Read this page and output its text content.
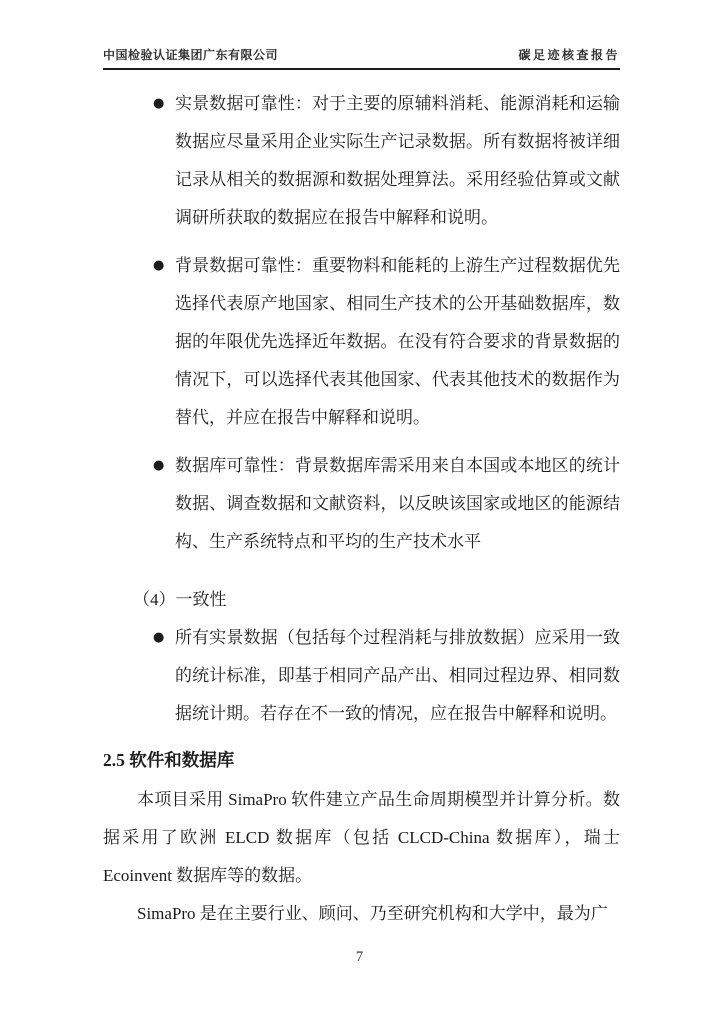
中国检验认证集团广东有限公司	碳足迹核查报告
● 实景数据可靠性：对于主要的原辅料消耗、能源消耗和运输数据应尽量采用企业实际生产记录数据。所有数据将被详细记录从相关的数据源和数据处理算法。采用经验估算或文献调研所获取的数据应在报告中解释和说明。
● 背景数据可靠性：重要物料和能耗的上游生产过程数据优先选择代表原产地国家、相同生产技术的公开基础数据库，数据的年限优先选择近年数据。在没有符合要求的背景数据的情况下，可以选择代表其他国家、代表其他技术的数据作为替代，并应在报告中解释和说明。
● 数据库可靠性：背景数据库需采用来自本国或本地区的统计数据、调查数据和文献资料，以反映该国家或地区的能源结构、生产系统特点和平均的生产技术水平
（4）一致性
● 所有实景数据（包括每个过程消耗与排放数据）应采用一致的统计标准，即基于相同产品产出、相同过程边界、相同数据统计期。若存在不一致的情况，应在报告中解释和说明。
2.5 软件和数据库

本项目采用 SimaPro 软件建立产品生命周期模型并计算分析。数据采用了欧洲 ELCD 数据库（包括 CLCD-China 数据库），瑞士 Ecoinvent 数据库等的数据。

SimaPro 是在主要行业、顾问、乃至研究机构和大学中，最为广

7
